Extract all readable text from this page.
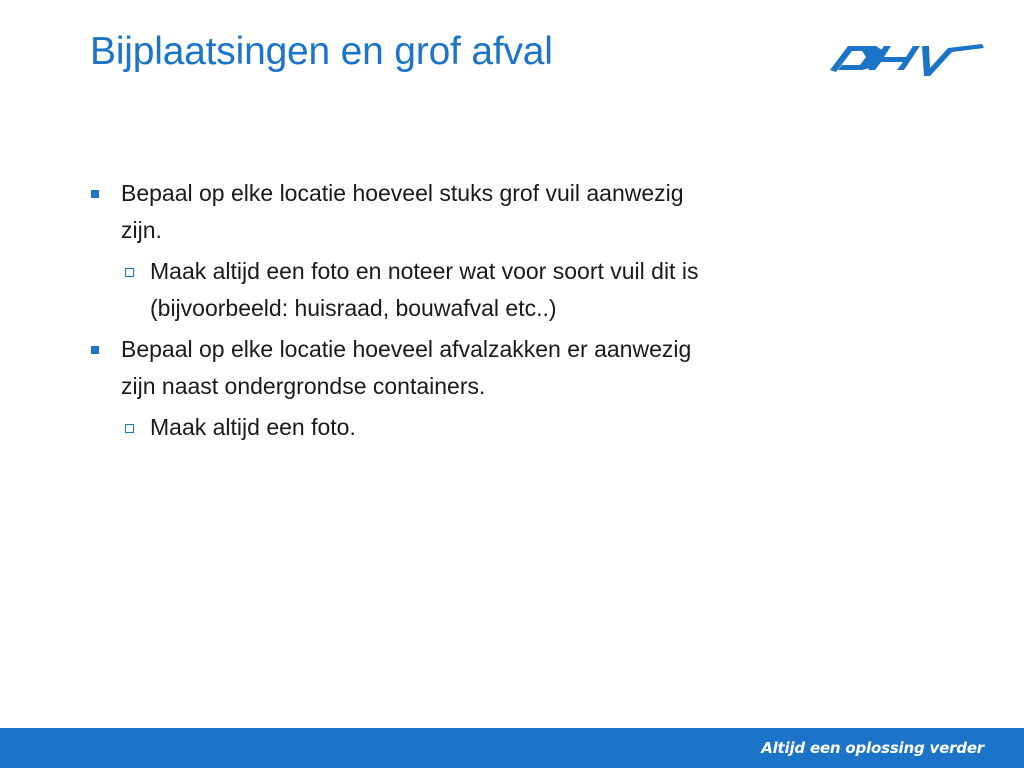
Bijplaatsingen en grof afval
Bepaal op elke locatie hoeveel stuks grof vuil aanwezig zijn.
Maak altijd een foto en noteer wat voor soort vuil dit is (bijvoorbeeld: huisraad, bouwafval etc..)
Bepaal op elke locatie hoeveel afvalzakken er aanwezig zijn naast ondergrondse containers.
Maak altijd een foto.
Altijd een oplossing verder
